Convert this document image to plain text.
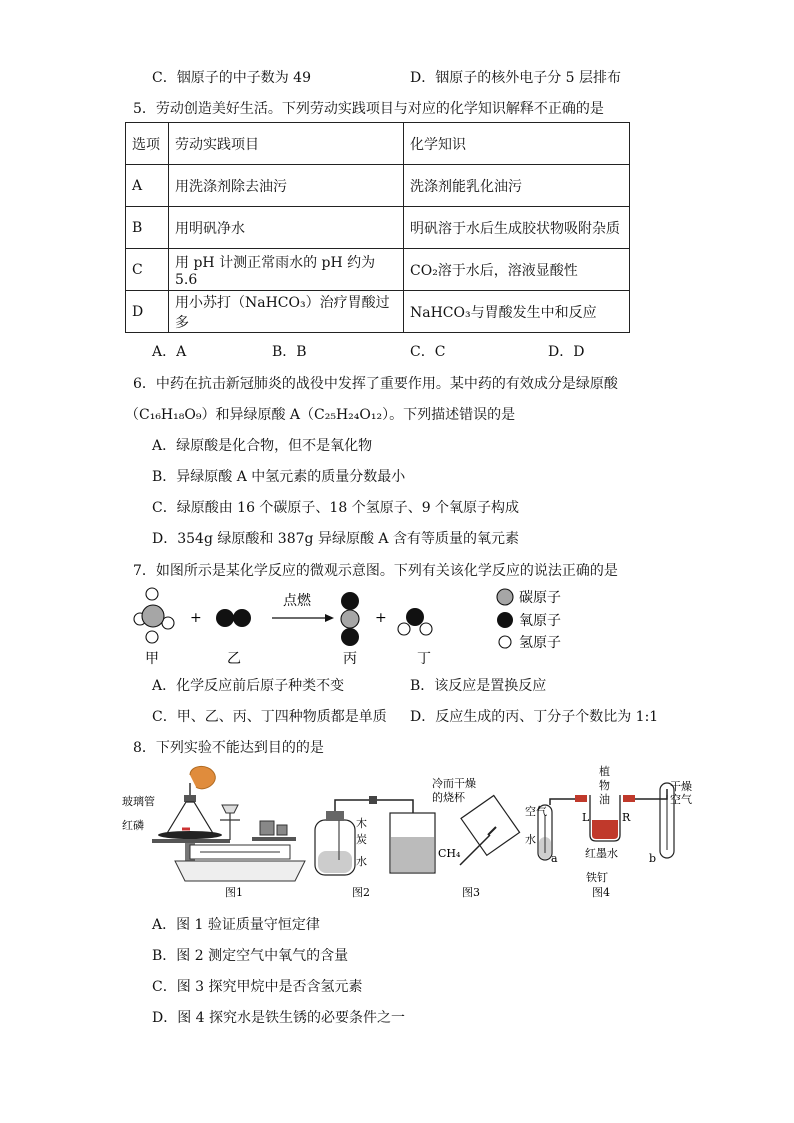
C．铟原子的中子数为 49	D．铟原子的核外电子分 5 层排布
5．劳动创造美好生活。下列劳动实践项目与对应的化学知识解释不正确的是
选项	劳动实践项目	化学知识
A	用洗涤剂除去油污	洗涤剂能乳化油污
B	用明矾净水	明矾溶于水后生成胶状物吸附杂质
C	用 pH 计测正常雨水的 pH 约为 5.6	CO₂溶于水后，溶液显酸性
D	用小苏打（NaHCO₃）治疗胃酸过多	NaHCO₃与胃酸发生中和反应
A．A	B．B	C．C	D．D
6．中药在抗击新冠肺炎的战役中发挥了重要作用。某中药的有效成分是绿原酸
（C₁₆H₁₈O₉）和异绿原酸 A（C₂₅H₂₄O₁₂）。下列描述错误的是
A．绿原酸是化合物，但不是氧化物
B．异绿原酸 A 中氢元素的质量分数最小
C．绿原酸由 16 个碳原子、18 个氢原子、9 个氧原子构成
D．354g 绿原酸和 387g 异绿原酸 A 含有等质量的氧元素
7．如图所示是某化学反应的微观示意图。下列有关该化学反应的说法正确的是
+
点燃
+
甲	乙	丙	丁
碳原子
氧原子
氢原子
A．化学反应前后原子种类不变	B．该反应是置换反应
C．甲、乙、丙、丁四种物质都是单质 D．反应生成的丙、丁分子个数比为 1:1
8．下列实验不能达到目的的是
玻璃管
红磷
图1
木
炭
水
图2
冷而干燥
的烧杯
CH₄
图3
空气
水
植
物
油
L	R
红墨水
干燥
空气
a	b
铁钉
图4
A．图 1 验证质量守恒定律
B．图 2 测定空气中氧气的含量
C．图 3 探究甲烷中是否含氢元素
D．图 4 探究水是铁生锈的必要条件之一
